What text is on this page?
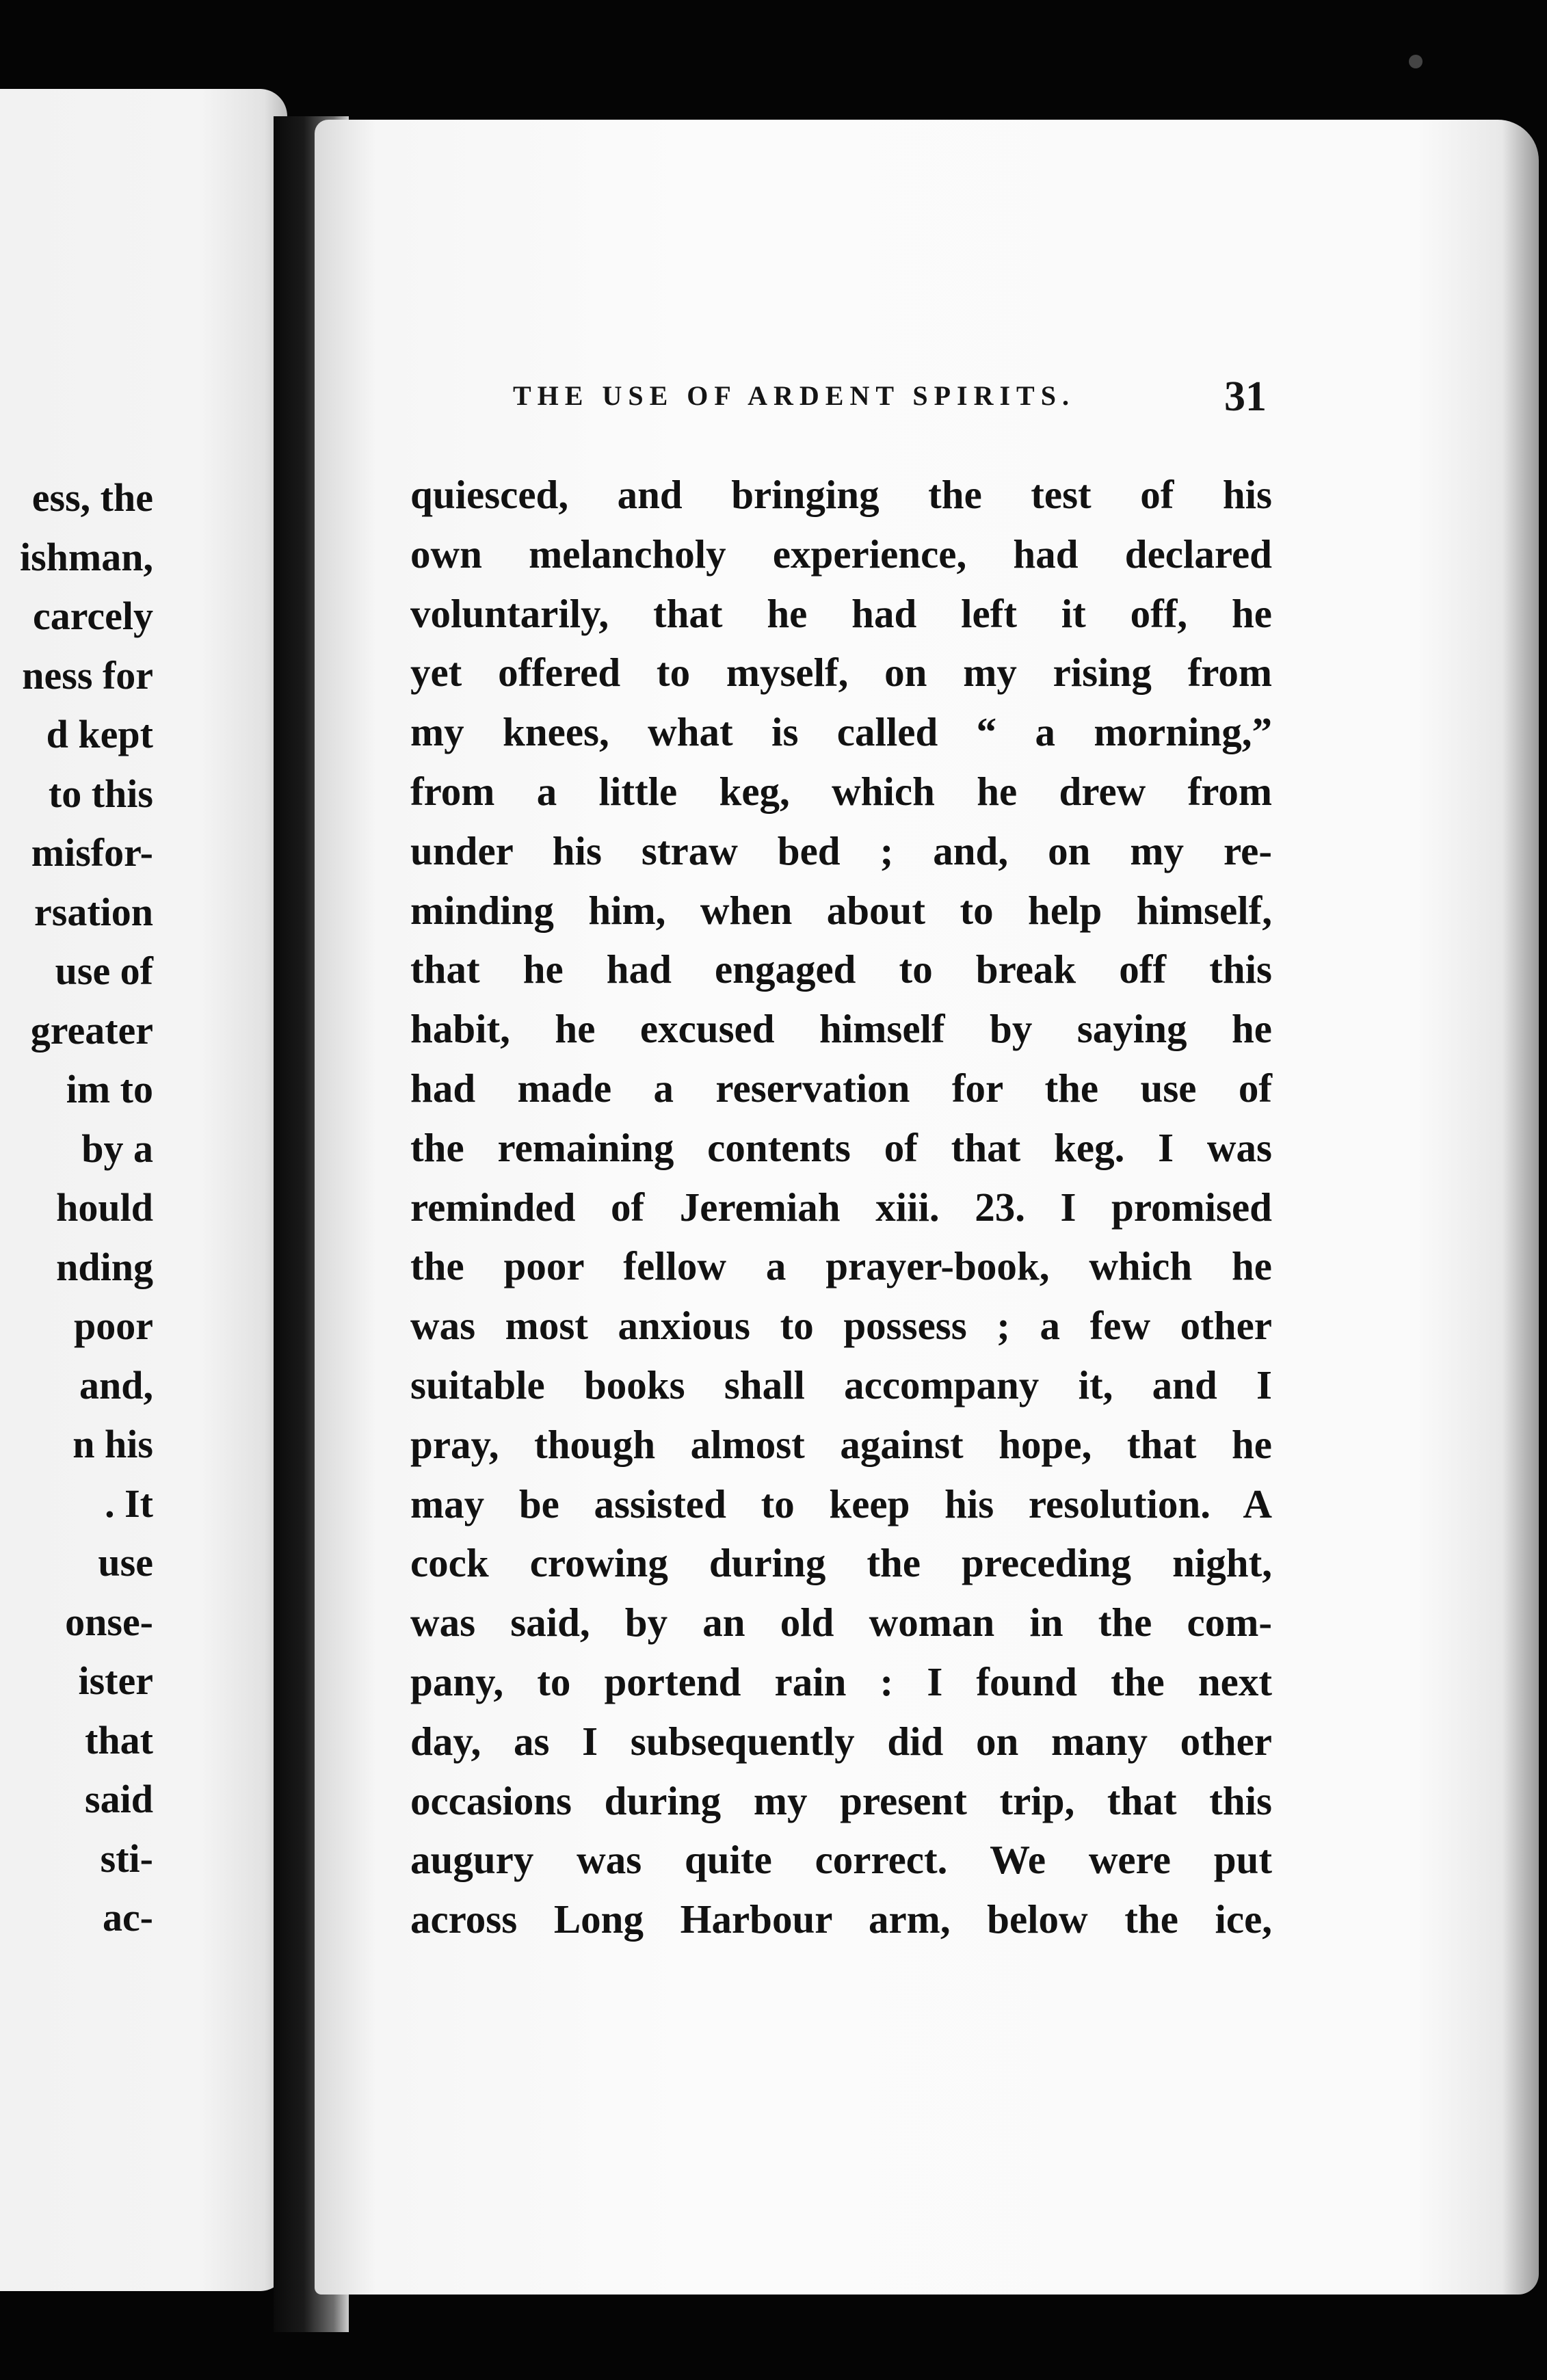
ess, the
ishman,
carcely
ness for
d kept
to this
misfor-
rsation
use of
greater
im to
by a
hould
nding
poor
and,
n his
. It
use
onse-
ister
that
said
sti-
ac-
THE USE OF ARDENT SPIRITS.	31
quiesced, and bringing the test of his
own melancholy experience, had declared
voluntarily, that he had left it off, he
yet offered to myself, on my rising from
my knees, what is called “ a morning,”
from a little keg, which he drew from
under his straw bed ; and, on my re-
minding him, when about to help himself,
that he had engaged to break off this
habit, he excused himself by saying he
had made a reservation for the use of
the remaining contents of that keg. I was
reminded of Jeremiah xiii. 23. I promised
the poor fellow a prayer-book, which he
was most anxious to possess ; a few other
suitable books shall accompany it, and I
pray, though almost against hope, that he
may be assisted to keep his resolution. A
cock crowing during the preceding night,
was said, by an old woman in the com-
pany, to portend rain : I found the next
day, as I subsequently did on many other
occasions during my present trip, that this
augury was quite correct. We were put
across Long Harbour arm, below the ice,
